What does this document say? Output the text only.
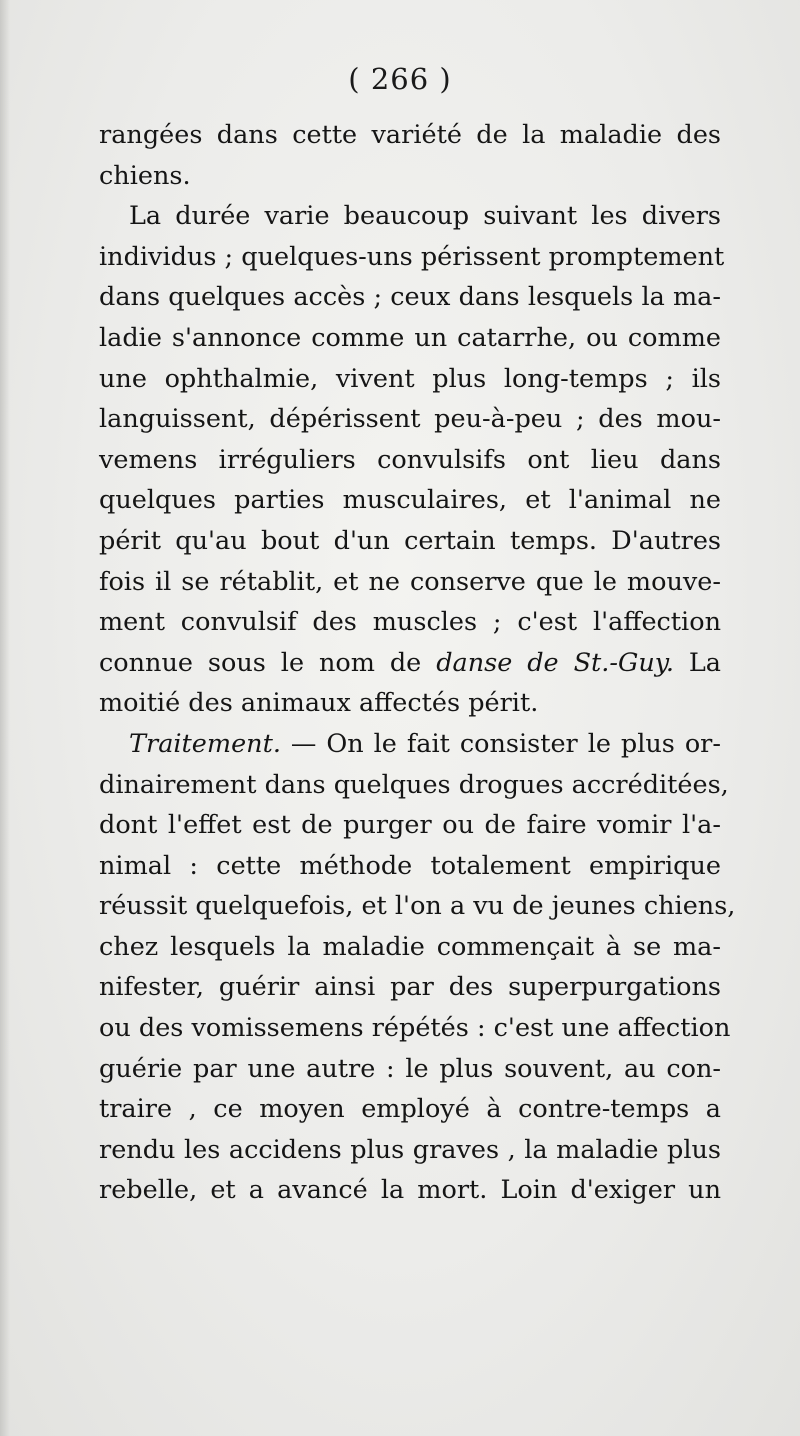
( 266 )
rangées dans cette variété de la maladie des
chiens.
La durée varie beaucoup suivant les divers
individus ; quelques-uns périssent promptement
dans quelques accès ; ceux dans lesquels la ma-
ladie s'annonce comme un catarrhe, ou comme
une ophthalmie, vivent plus long-temps ; ils
languissent, dépérissent peu-à-peu ; des mou-
vemens irréguliers convulsifs ont lieu dans
quelques parties musculaires, et l'animal ne
périt qu'au bout d'un certain temps. D'autres
fois il se rétablit, et ne conserve que le mouve-
ment convulsif des muscles ; c'est l'affection
connue sous le nom de danse de St.-Guy. La
moitié des animaux affectés périt.
Traitement. — On le fait consister le plus or-
dinairement dans quelques drogues accréditées,
dont l'effet est de purger ou de faire vomir l'a-
nimal : cette méthode totalement empirique
réussit quelquefois, et l'on a vu de jeunes chiens,
chez lesquels la maladie commençait à se ma-
nifester, guérir ainsi par des superpurgations
ou des vomissemens répétés : c'est une affection
guérie par une autre : le plus souvent, au con-
traire , ce moyen employé à contre-temps a
rendu les accidens plus graves , la maladie plus
rebelle, et a avancé la mort. Loin d'exiger un
